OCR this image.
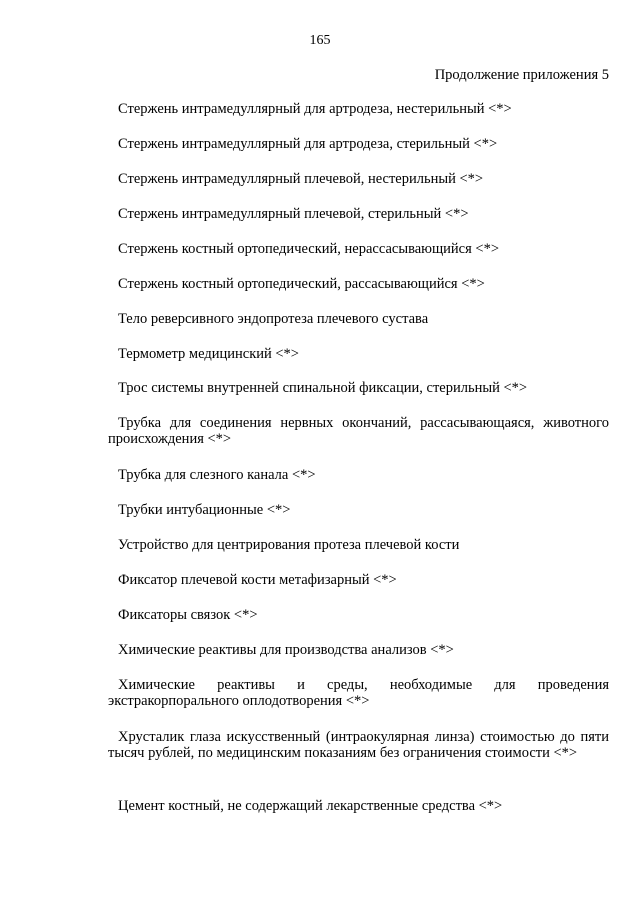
165
Продолжение приложения 5

Стержень интрамедуллярный для артродеза, нестерильный <*>

Стержень интрамедуллярный для артродеза, стерильный <*>

Стержень интрамедуллярный плечевой, нестерильный <*>

Стержень интрамедуллярный плечевой, стерильный <*>

Стержень костный ортопедический, нерассасывающийся <*>

Стержень костный ортопедический, рассасывающийся <*>

Тело реверсивного эндопротеза плечевого сустава

Термометр медицинский <*>

Трос системы внутренней спинальной фиксации, стерильный <*>

Трубка для соединения нервных окончаний, рассасывающаяся, животного происхождения <*>

Трубка для слезного канала <*>

Трубки интубационные <*>

Устройство для центрирования протеза плечевой кости

Фиксатор плечевой кости метафизарный <*>

Фиксаторы связок <*>

Химические реактивы для производства анализов <*>

Химические реактивы и среды, необходимые для проведения экстракорпорального оплодотворения <*>

Хрусталик глаза искусственный (интраокулярная линза) стоимостью до пяти тысяч рублей, по медицинским показаниям без ограничения стоимости <*>

Цемент костный, не содержащий лекарственные средства <*>
